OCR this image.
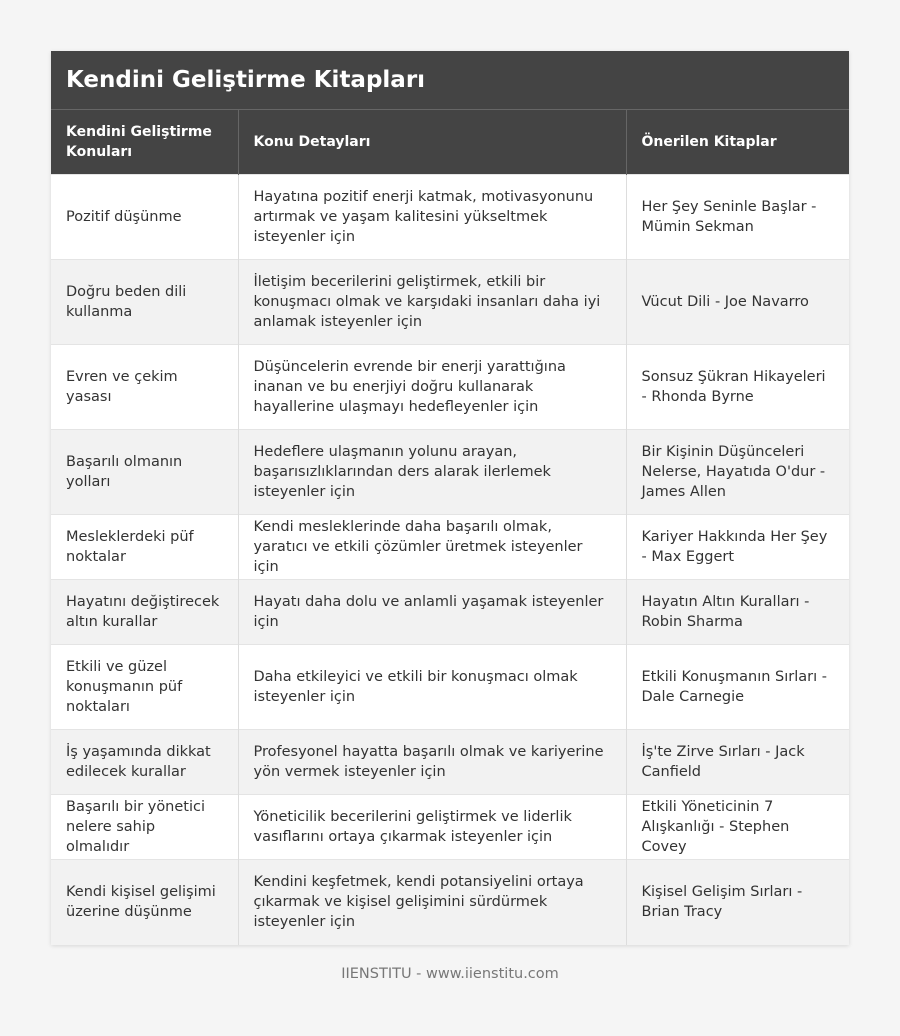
Kendini Geliştirme Kitapları
Kendini Geliştirme Konuları	Konu Detayları	Önerilen Kitaplar
Pozitif düşünme	Hayatına pozitif enerji katmak, motivasyonunu artırmak ve yaşam kalitesini yükseltmek isteyenler için	Her Şey Seninle Başlar - Mümin Sekman
Doğru beden dili kullanma	İletişim becerilerini geliştirmek, etkili bir konuşmacı olmak ve karşıdaki insanları daha iyi anlamak isteyenler için	Vücut Dili - Joe Navarro
Evren ve çekim yasası	Düşüncelerin evrende bir enerji yarattığına inanan ve bu enerjiyi doğru kullanarak hayallerine ulaşmayı hedefleyenler için	Sonsuz Şükran Hikayeleri - Rhonda Byrne
Başarılı olmanın yolları	Hedeflere ulaşmanın yolunu arayan, başarısızlıklarından ders alarak ilerlemek isteyenler için	Bir Kişinin Düşünceleri Nelerse, Hayatıda O'dur - James Allen
Mesleklerdeki püf noktalar	Kendi mesleklerinde daha başarılı olmak, yaratıcı ve etkili çözümler üretmek isteyenler için	Kariyer Hakkında Her Şey - Max Eggert
Hayatını değiştirecek altın kurallar	Hayatı daha dolu ve anlamli yaşamak isteyenler için	Hayatın Altın Kuralları - Robin Sharma
Etkili ve güzel konuşmanın püf noktaları	Daha etkileyici ve etkili bir konuşmacı olmak isteyenler için	Etkili Konuşmanın Sırları - Dale Carnegie
İş yaşamında dikkat edilecek kurallar	Profesyonel hayatta başarılı olmak ve kariyerine yön vermek isteyenler için	İş'te Zirve Sırları - Jack Canfield
Başarılı bir yönetici nelere sahip olmalıdır	Yöneticilik becerilerini geliştirmek ve liderlik vasıflarını ortaya çıkarmak isteyenler için	Etkili Yöneticinin 7 Alışkanlığı - Stephen Covey
Kendi kişisel gelişimi üzerine düşünme	Kendini keşfetmek, kendi potansiyelini ortaya çıkarmak ve kişisel gelişimini sürdürmek isteyenler için	Kişisel Gelişim Sırları - Brian Tracy
IIENSTITU - www.iienstitu.com
